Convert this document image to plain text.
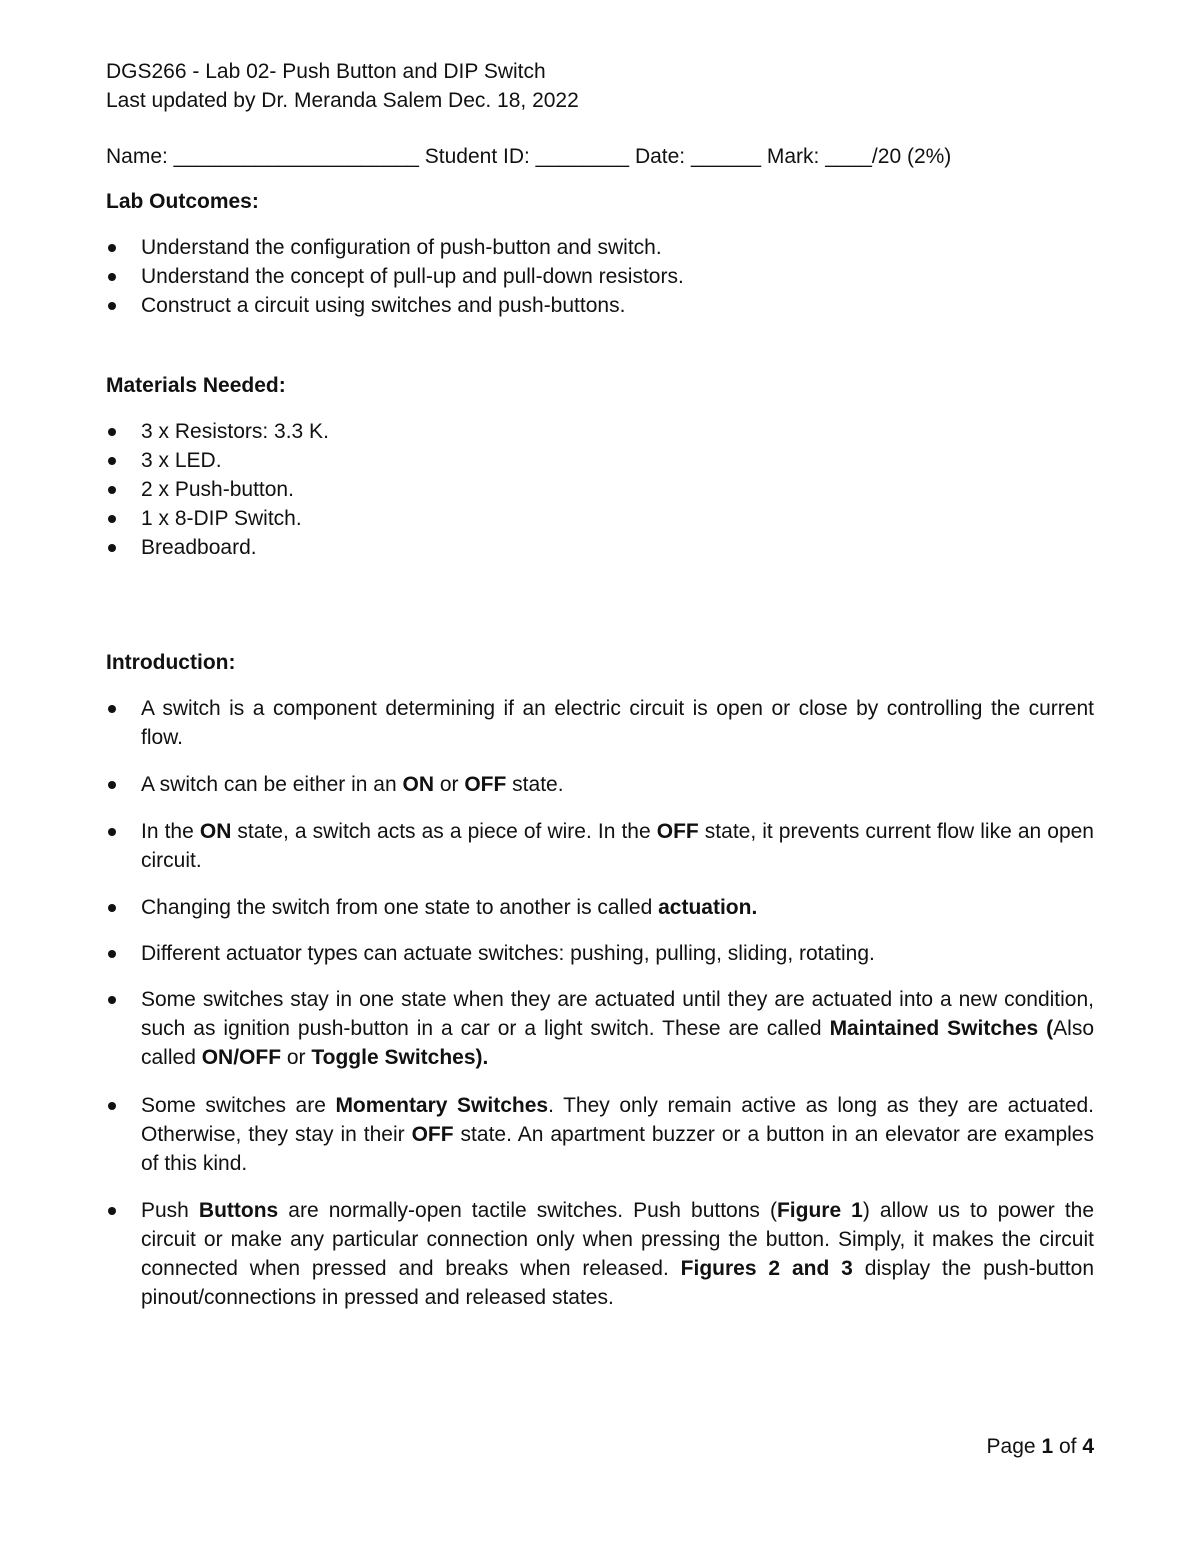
DGS266 - Lab 02- Push Button and DIP Switch
Last updated by Dr. Meranda Salem Dec. 18, 2022
Name: _____________________ Student ID: ________ Date: ______ Mark: ____/20 (2%)
Lab Outcomes:
Understand the configuration of push-button and switch.
Understand the concept of pull-up and pull-down resistors.
Construct a circuit using switches and push-buttons.
Materials Needed:
3 x Resistors: 3.3 K.
3 x LED.
2 x Push-button.
1 x 8-DIP Switch.
Breadboard.
Introduction:
A switch is a component determining if an electric circuit is open or close by controlling the current flow.
A switch can be either in an ON or OFF state.
In the ON state, a switch acts as a piece of wire. In the OFF state, it prevents current flow like an open circuit.
Changing the switch from one state to another is called actuation.
Different actuator types can actuate switches: pushing, pulling, sliding, rotating.
Some switches stay in one state when they are actuated until they are actuated into a new condition, such as ignition push-button in a car or a light switch. These are called Maintained Switches (Also called ON/OFF or Toggle Switches).
Some switches are Momentary Switches. They only remain active as long as they are actuated. Otherwise, they stay in their OFF state. An apartment buzzer or a button in an elevator are examples of this kind.
Push Buttons are normally-open tactile switches. Push buttons (Figure 1) allow us to power the circuit or make any particular connection only when pressing the button. Simply, it makes the circuit connected when pressed and breaks when released. Figures 2 and 3 display the push-button pinout/connections in pressed and released states.
Page 1 of 4
